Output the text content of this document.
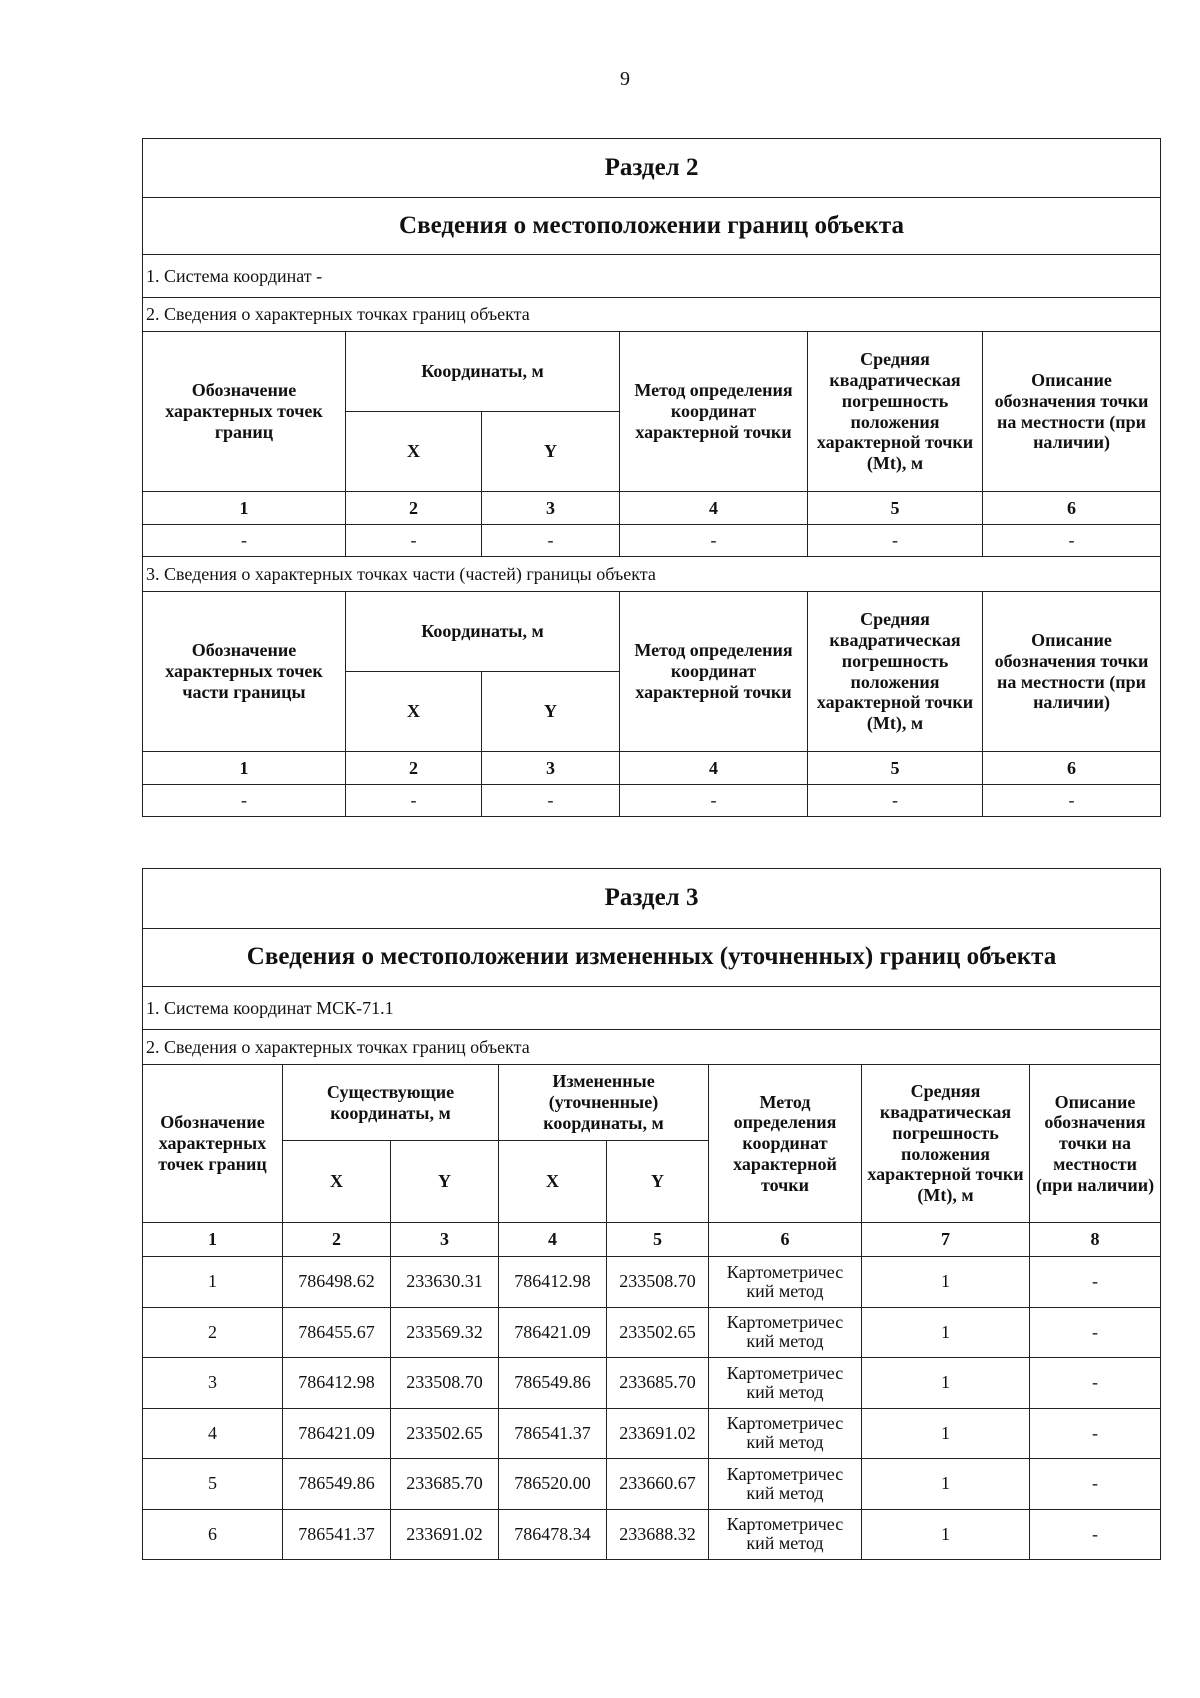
9
Раздел 2					
Сведения о местоположении границ объекта					
1. Система координат -					
2. Сведения о характерных точках границ объекта					
Обозначение характерных точек границ	Координаты, м		Метод определения координат характерной точки	Средняя квадратическая погрешность положения характерной точки (Mt), м	Описание обозначения точки на местности (при наличии)
	X	Y			
1	2	3	4	5	6
-	-	-	-	-	-
3. Сведения о характерных точках части (частей) границы объекта					
Обозначение характерных точек части границы	Координаты, м		Метод определения координат характерной точки	Средняя квадратическая погрешность положения характерной точки (Mt), м	Описание обозначения точки на местности (при наличии)
	X	Y			
1	2	3	4	5	6
-	-	-	-	-	-
Раздел 3							
Сведения о местоположении измененных (уточненных) границ объекта							
1. Система координат МСК-71.1							
2. Сведения о характерных точках границ объекта							
Обозначение характерных точек границ	Существующие координаты, м		Измененные (уточненные) координаты, м		Метод определения координат характерной точки	Средняя квадратическая погрешность положения характерной точки (Mt), м	Описание обозначения точки на местности (при наличии)
	X	Y	X	Y			
1	2	3	4	5	6	7	8
1	786498.62	233630.31	786412.98	233508.70	Картометричес кий метод	1	-
2	786455.67	233569.32	786421.09	233502.65	Картометричес кий метод	1	-
3	786412.98	233508.70	786549.86	233685.70	Картометричес кий метод	1	-
4	786421.09	233502.65	786541.37	233691.02	Картометричес кий метод	1	-
5	786549.86	233685.70	786520.00	233660.67	Картометричес кий метод	1	-
6	786541.37	233691.02	786478.34	233688.32	Картометричес кий метод	1	-
